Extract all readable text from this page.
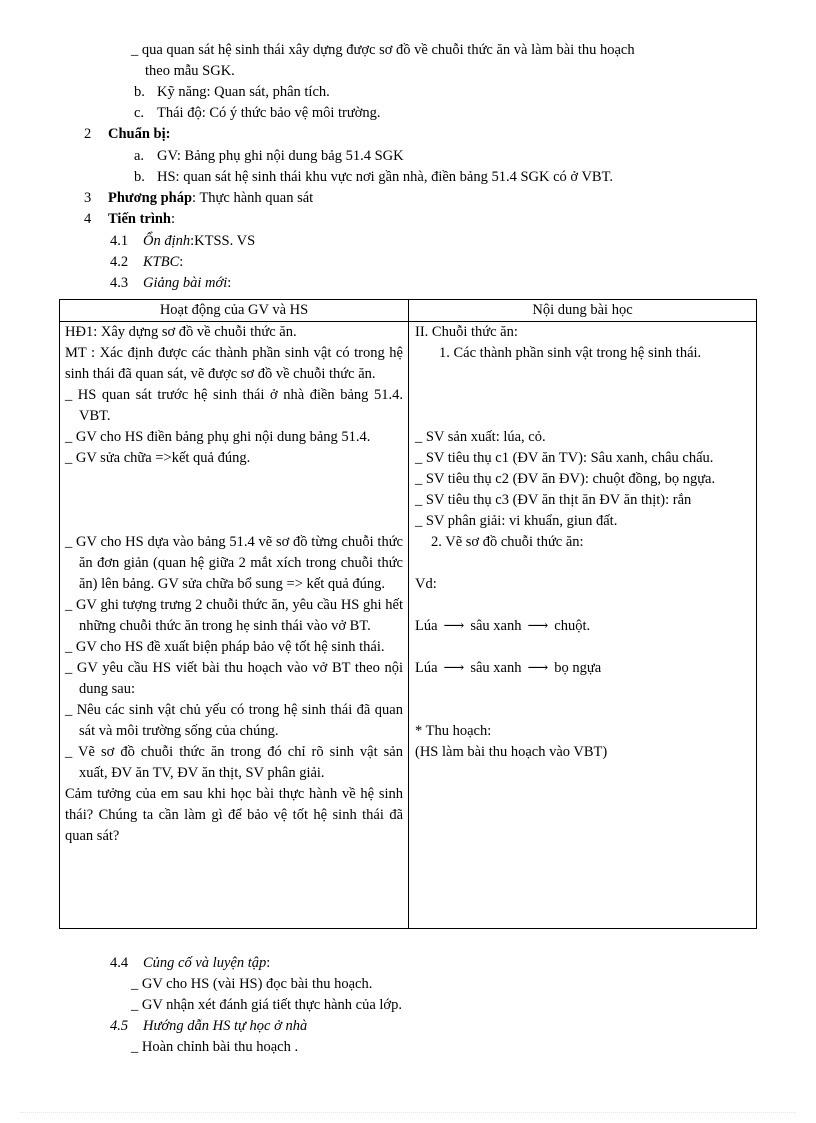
_ qua quan sát hệ sinh thái xây dựng được sơ đồ về chuỗi thức ăn và làm bài thu hoạch
theo mẫu SGK.
b. Kỹ năng: Quan sát, phân tích.
c. Thái độ: Có ý thức bảo vệ môi trường.
2 Chuẩn bị:
a. GV: Bảng phụ ghi nội dung bảg 51.4 SGK
b. HS: quan sát hệ sinh thái khu vực nơi gần nhà, điền bảng 51.4 SGK có ở VBT.
3 Phương pháp: Thực hành quan sát
4 Tiến trình:
4.1 Ổn định:KTSS. VS
4.2 KTBC:
4.3 Giảng bài mới:
Hoạt động của GV và HS	Nội dung bài học

HĐ1: Xây dựng sơ đồ về chuỗi thức ăn.

MT : Xác định được các thành phần sinh vật có trong hệ sinh thái đã quan sát, vẽ được sơ đồ về chuỗi thức ăn.

_ HS quan sát trước hệ sinh thái ở nhà điền bảng 51.4. VBT.

_ GV cho HS điền bảng phụ ghi nội dung bảng 51.4.

_ GV sửa chữa =>kết quả đúng.

_ GV cho HS dựa vào bảng 51.4 vẽ sơ đồ từng chuỗi thức ăn đơn giản (quan hệ giữa 2 mắt xích trong chuỗi thức ăn) lên bảng. GV sửa chữa bổ sung => kết quả đúng.

_ GV ghi tượng trưng 2 chuỗi thức ăn, yêu cầu HS ghi hết những chuỗi thức ăn trong hẹ sinh thái vào vở BT.

_ GV cho HS đề xuất biện pháp bảo vệ tốt hệ sinh thái.

_ GV yêu cầu HS viết bài thu hoạch vào vở BT theo nội dung sau:

_ Nêu các sinh vật chủ yếu có trong hệ sinh thái đã quan sát và môi trường sống của chúng.

_ Vẽ sơ đồ chuỗi thức ăn trong đó chỉ rõ sinh vật sản xuất, ĐV ăn TV, ĐV ăn thịt, SV phân giải.

Cảm tưởng của em sau khi học bài thực hành về hệ sinh thái? Chúng ta cần làm gì để bảo vệ tốt hệ sinh thái đã quan sát?

II. Chuỗi thức ăn:

1. Các thành phần sinh vật trong hệ sinh thái.

_ SV sản xuất: lúa, cỏ.

_ SV tiêu thụ c1 (ĐV ăn TV): Sâu xanh, châu chấu.

_ SV tiêu thụ c2 (ĐV ăn ĐV): chuột đồng, bọ ngựa.

_ SV tiêu thụ c3 (ĐV ăn thịt ăn ĐV ăn thịt): rắn

_ SV phân giải: vi khuẩn, giun đất.

2. Vẽ sơ đồ chuỗi thức ăn:

Vd:

Lúa ⟶ sâu xanh ⟶ chuột.

Lúa ⟶ sâu xanh ⟶ bọ ngựa

* Thu hoạch:

(HS làm bài thu hoạch vào VBT)

4.4 Củng cố và luyện tập:
_ GV cho HS (vài HS) đọc bài thu hoạch.
_ GV nhận xét đánh giá tiết thực hành của lớp.
4.5 Hướng dẫn HS tự học ở nhà
_ Hoàn chỉnh bài thu hoạch .
